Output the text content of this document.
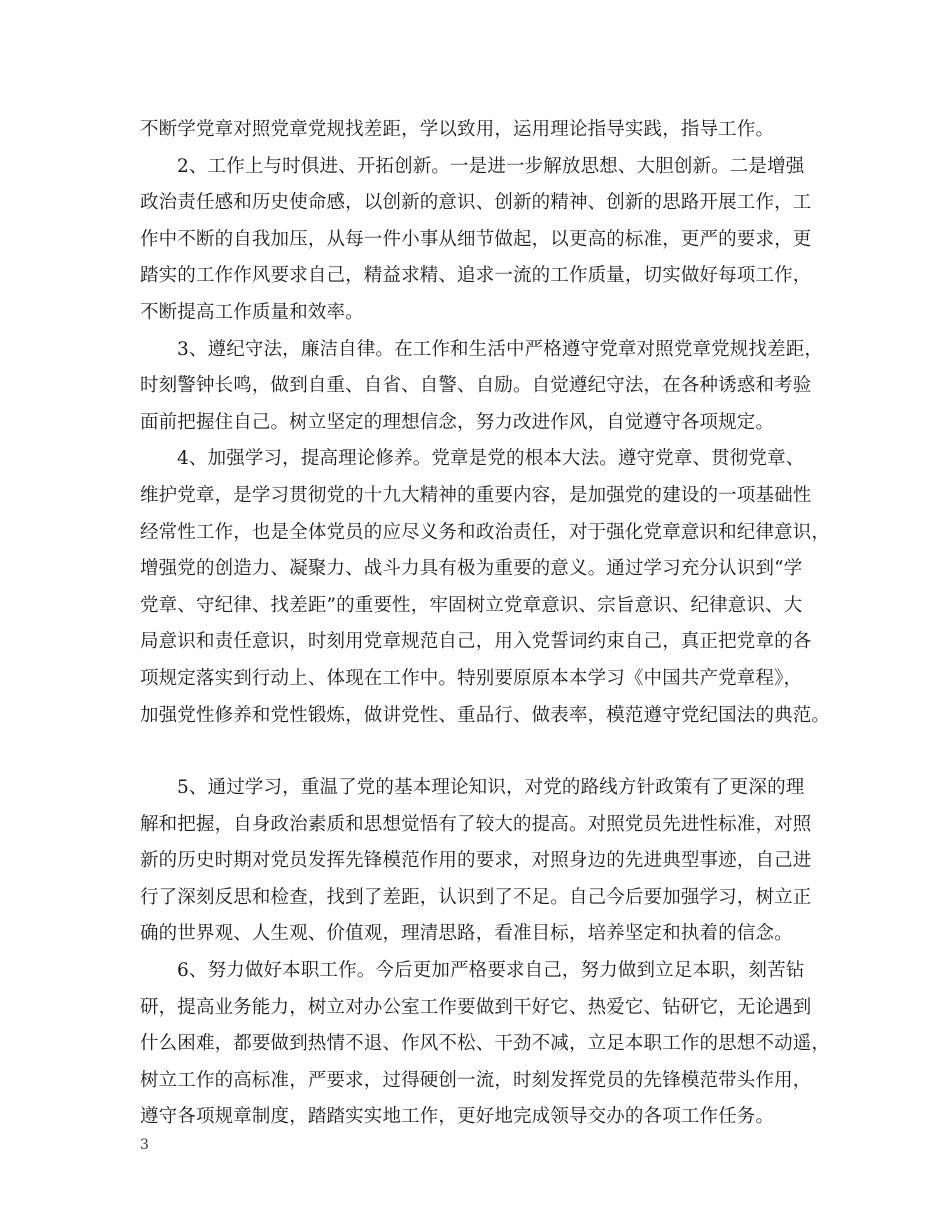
不断学党章对照党章党规找差距，学以致用，运用理论指导实践，指导工作。
2、工作上与时俱进、开拓创新。一是进一步解放思想、大胆创新。二是增强
政治责任感和历史使命感，以创新的意识、创新的精神、创新的思路开展工作，工
作中不断的自我加压，从每一件小事从细节做起，以更高的标准，更严的要求，更
踏实的工作作风要求自己，精益求精、追求一流的工作质量，切实做好每项工作，
不断提高工作质量和效率。
3、遵纪守法，廉洁自律。在工作和生活中严格遵守党章对照党章党规找差距，
时刻警钟长鸣，做到自重、自省、自警、自励。自觉遵纪守法，在各种诱惑和考验
面前把握住自己。树立坚定的理想信念，努力改进作风，自觉遵守各项规定。
4、加强学习，提高理论修养。党章是党的根本大法。遵守党章、贯彻党章、
维护党章，是学习贯彻党的十九大精神的重要内容，是加强党的建设的一项基础性
经常性工作，也是全体党员的应尽义务和政治责任，对于强化党章意识和纪律意识，
增强党的创造力、凝聚力、战斗力具有极为重要的意义。通过学习充分认识到“学
党章、守纪律、找差距”的重要性，牢固树立党章意识、宗旨意识、纪律意识、大
局意识和责任意识，时刻用党章规范自己，用入党誓词约束自己，真正把党章的各
项规定落实到行动上、体现在工作中。特别要原原本本学习《中国共产党章程》，
加强党性修养和党性锻炼，做讲党性、重品行、做表率，模范遵守党纪国法的典范。
5、通过学习，重温了党的基本理论知识，对党的路线方针政策有了更深的理
解和把握，自身政治素质和思想觉悟有了较大的提高。对照党员先进性标准，对照
新的历史时期对党员发挥先锋模范作用的要求，对照身边的先进典型事迹，自己进
行了深刻反思和检查，找到了差距，认识到了不足。自己今后要加强学习，树立正
确的世界观、人生观、价值观，理清思路，看准目标，培养坚定和执着的信念。
6、努力做好本职工作。今后更加严格要求自己，努力做到立足本职，刻苦钻
研，提高业务能力，树立对办公室工作要做到干好它、热爱它、钻研它，无论遇到
什么困难，都要做到热情不退、作风不松、干劲不减，立足本职工作的思想不动遥，
树立工作的高标准，严要求，过得硬创一流，时刻发挥党员的先锋模范带头作用，
遵守各项规章制度，踏踏实实地工作，更好地完成领导交办的各项工作任务。
3
